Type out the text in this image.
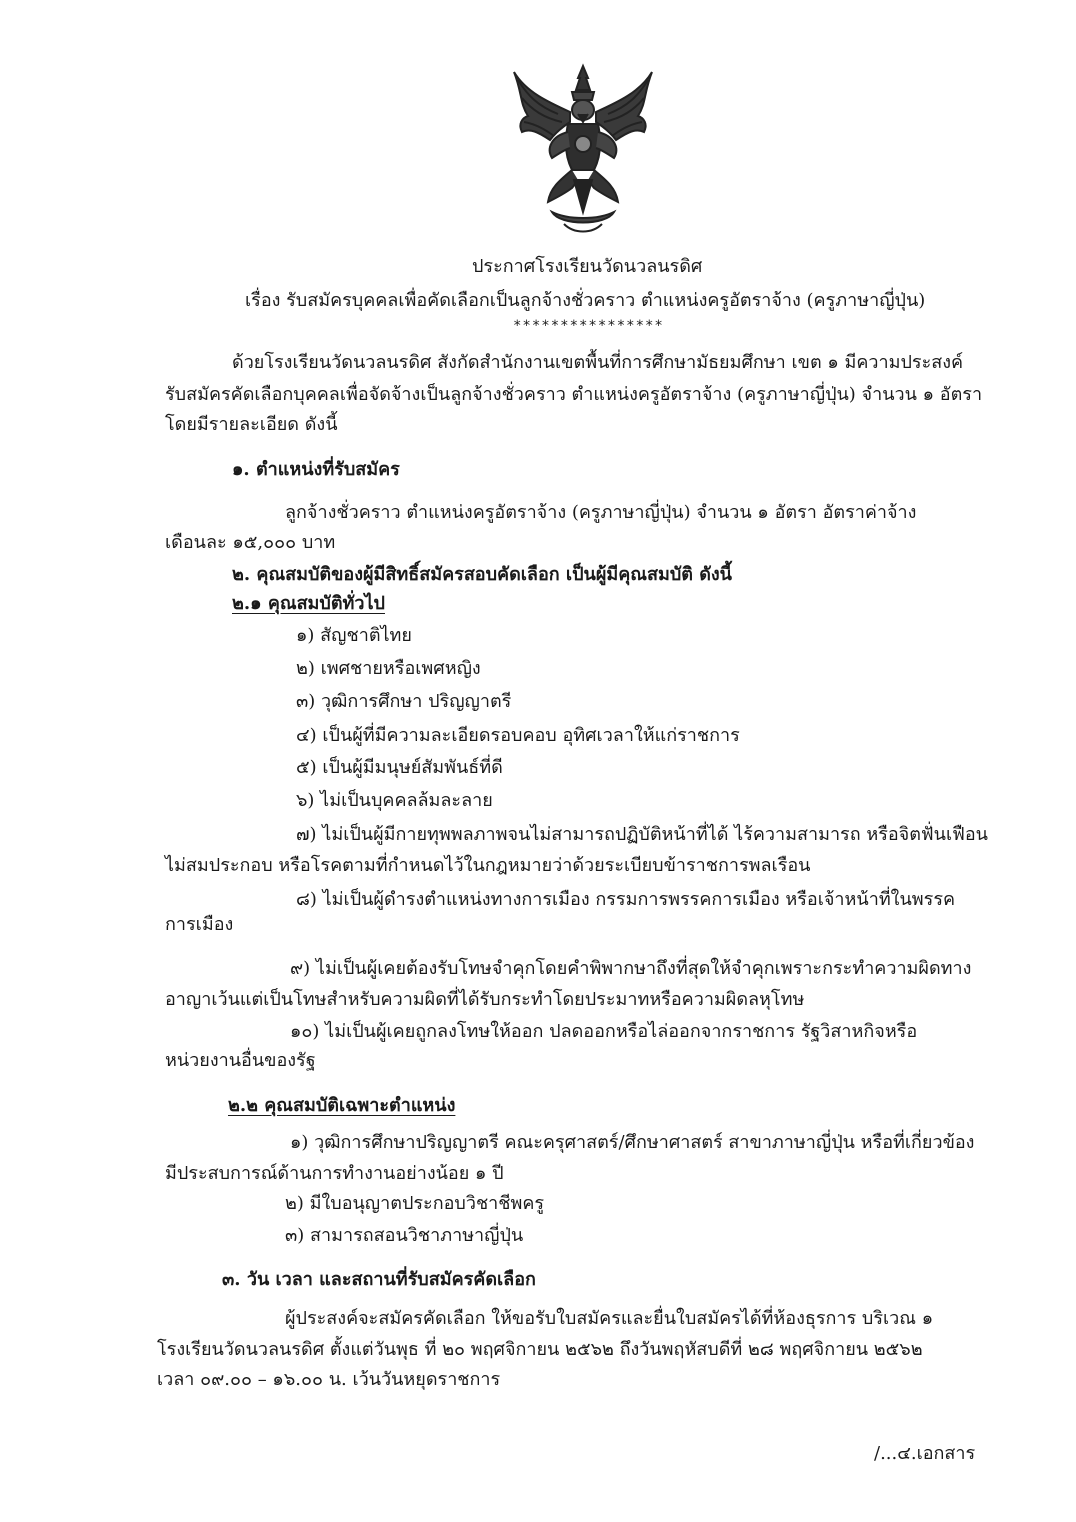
ประกาศโรงเรียนวัดนวลนรดิศ
เรื่อง รับสมัครบุคคลเพื่อคัดเลือกเป็นลูกจ้างชั่วคราว ตำแหน่งครูอัตราจ้าง (ครูภาษาญี่ปุ่น)
****************
ด้วยโรงเรียนวัดนวลนรดิศ สังกัดสำนักงานเขตพื้นที่การศึกษามัธยมศึกษา เขต ๑ มีความประสงค์
รับสมัครคัดเลือกบุคคลเพื่อจัดจ้างเป็นลูกจ้างชั่วคราว ตำแหน่งครูอัตราจ้าง (ครูภาษาญี่ปุ่น) จำนวน ๑ อัตรา
โดยมีรายละเอียด ดังนี้
๑. ตำแหน่งที่รับสมัคร
ลูกจ้างชั่วคราว ตำแหน่งครูอัตราจ้าง (ครูภาษาญี่ปุ่น) จำนวน ๑ อัตรา อัตราค่าจ้าง
เดือนละ ๑๕,๐๐๐ บาท
๒. คุณสมบัติของผู้มีสิทธิ์สมัครสอบคัดเลือก เป็นผู้มีคุณสมบัติ ดังนี้
๒.๑ คุณสมบัติทั่วไป
๑) สัญชาติไทย
๒) เพศชายหรือเพศหญิง
๓) วุฒิการศึกษา ปริญญาตรี
๔) เป็นผู้ที่มีความละเอียดรอบคอบ อุทิศเวลาให้แก่ราชการ
๕) เป็นผู้มีมนุษย์สัมพันธ์ที่ดี
๖) ไม่เป็นบุคคลล้มละลาย
๗) ไม่เป็นผู้มีกายทุพพลภาพจนไม่สามารถปฏิบัติหน้าที่ได้ ไร้ความสามารถ หรือจิตฟั่นเฟือน
ไม่สมประกอบ หรือโรคตามที่กำหนดไว้ในกฎหมายว่าด้วยระเบียบข้าราชการพลเรือน
๘) ไม่เป็นผู้ดำรงตำแหน่งทางการเมือง กรรมการพรรคการเมือง หรือเจ้าหน้าที่ในพรรค
การเมือง
๙) ไม่เป็นผู้เคยต้องรับโทษจำคุกโดยคำพิพากษาถึงที่สุดให้จำคุกเพราะกระทำความผิดทาง
อาญาเว้นแต่เป็นโทษสำหรับความผิดที่ได้รับกระทำโดยประมาทหรือความผิดลหุโทษ
๑๐) ไม่เป็นผู้เคยถูกลงโทษให้ออก ปลดออกหรือไล่ออกจากราชการ รัฐวิสาหกิจหรือ
หน่วยงานอื่นของรัฐ
๒.๒ คุณสมบัติเฉพาะตำแหน่ง
๑) วุฒิการศึกษาปริญญาตรี คณะครุศาสตร์/ศึกษาศาสตร์ สาขาภาษาญี่ปุ่น หรือที่เกี่ยวข้อง
มีประสบการณ์ด้านการทำงานอย่างน้อย ๑ ปี
๒) มีใบอนุญาตประกอบวิชาชีพครู
๓) สามารถสอนวิชาภาษาญี่ปุ่น
๓. วัน เวลา และสถานที่รับสมัครคัดเลือก
ผู้ประสงค์จะสมัครคัดเลือก ให้ขอรับใบสมัครและยื่นใบสมัครได้ที่ห้องธุรการ บริเวณ ๑
โรงเรียนวัดนวลนรดิศ ตั้งแต่วันพุธ ที่ ๒๐ พฤศจิกายน ๒๕๖๒ ถึงวันพฤหัสบดีที่ ๒๘ พฤศจิกายน ๒๕๖๒
เวลา ๐๙.๐๐ – ๑๖.๐๐ น. เว้นวันหยุดราชการ
/...๔.เอกสาร
